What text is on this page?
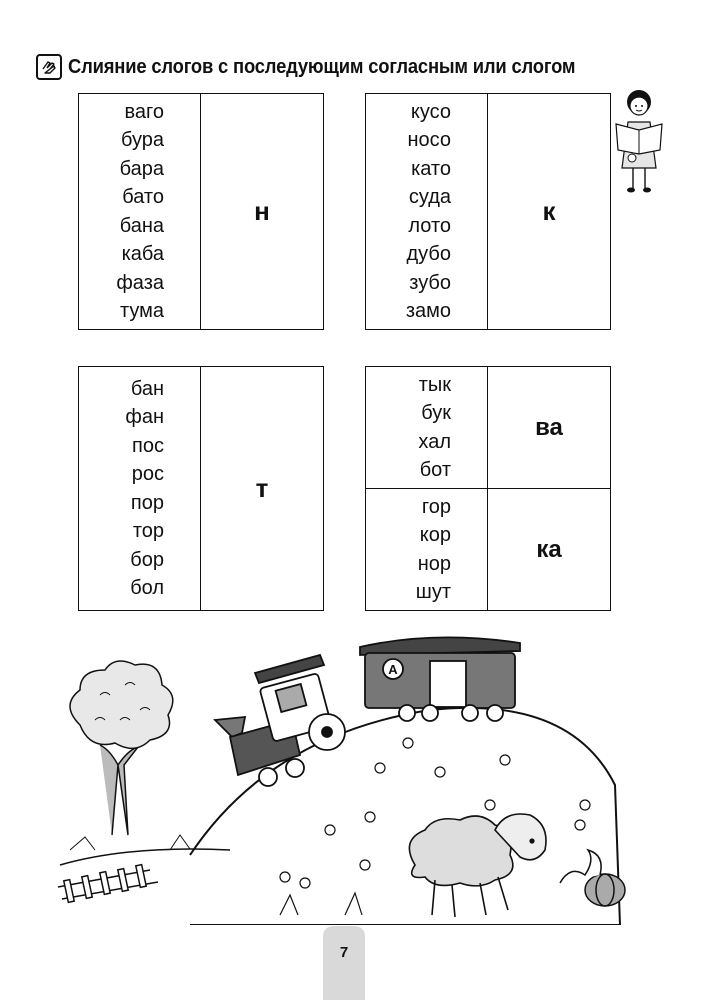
Слияние слогов с последующим согласным или слогом
ваго
бура
бара
бато
бана
каба
фаза
тума
н
кусо
носо
като
суда
лото
дубо
зубо
замо
к
бан
фан
пос
рос
пор
тор
бор
бол
т
тык
бук
хал
бот
ва
гор
кор
нор
шут
ка
А
7
